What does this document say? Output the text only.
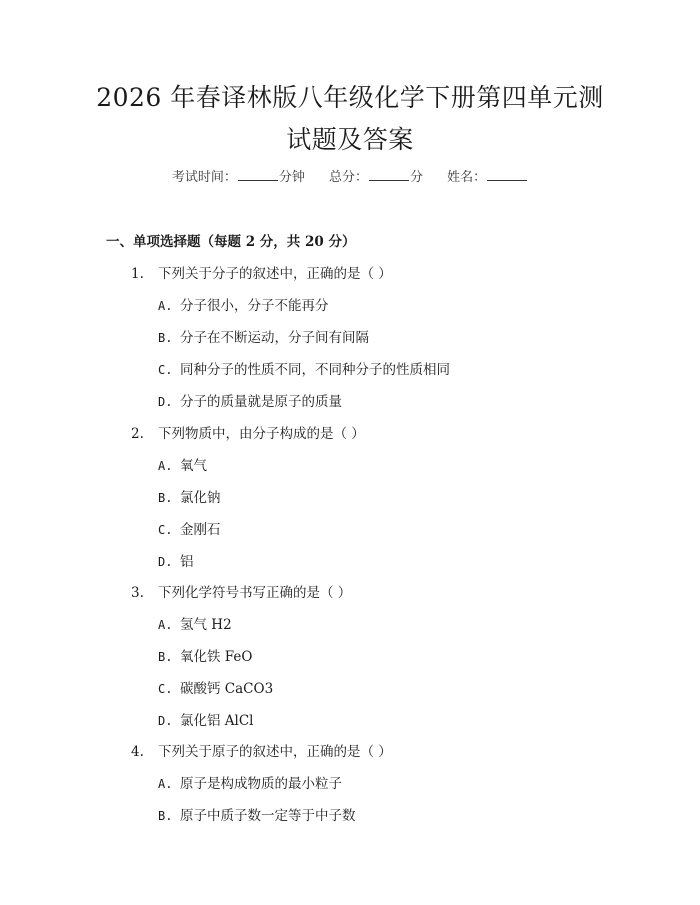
2026 年春译林版八年级化学下册第四单元测
试题及答案
考试时间：	分钟 总分：	分 姓名：
一、单项选择题（每题 2 分，共 20 分）
1. 下列关于分子的叙述中，正确的是（ ）
A. 分子很小，分子不能再分
B. 分子在不断运动，分子间有间隔
C. 同种分子的性质不同，不同种分子的性质相同
D. 分子的质量就是原子的质量
2. 下列物质中，由分子构成的是（ ）
A. 氧气
B. 氯化钠
C. 金刚石
D. 铝
3. 下列化学符号书写正确的是（ ）
A. 氢气 H2
B. 氧化铁 FeO
C. 碳酸钙 CaCO3
D. 氯化铝 AlCl
4. 下列关于原子的叙述中，正确的是（ ）
A. 原子是构成物质的最小粒子
B. 原子中质子数一定等于中子数
